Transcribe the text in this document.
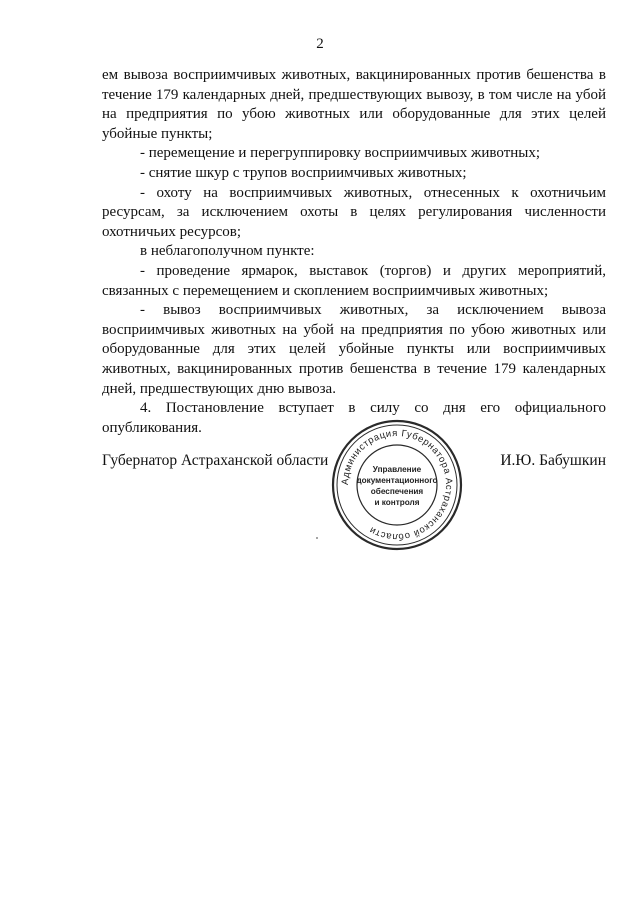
2

ем вывоза восприимчивых животных, вакцинированных против бешенства в течение 179 календарных дней, предшествующих вывозу, в том числе на убой на предприятия по убою животных или оборудованные для этих целей убойные пункты;

- перемещение и перегруппировку восприимчивых животных;

- снятие шкур с трупов восприимчивых животных;

- охоту на восприимчивых животных, отнесенных к охотничьим ресурсам, за исключением охоты в целях регулирования численности охотничьих ресурсов;

в неблагополучном пункте:

- проведение ярмарок, выставок (торгов) и других мероприятий, связанных с перемещением и скоплением восприимчивых животных;

- вывоз восприимчивых животных, за исключением вывоза восприимчивых животных на убой на предприятия по убою животных или оборудованные для этих целей убойные пункты или восприимчивых животных, вакцинированных против бешенства в течение 179 календарных дней, предшествующих дню вывоза.

4. Постановление вступает в силу со дня его официального опубликования.

Губернатор Астраханской области	И.Ю. Бабушкин
Администрация Губернатора Астраханской области
Управление
документационного
обеспечения
и контроля
